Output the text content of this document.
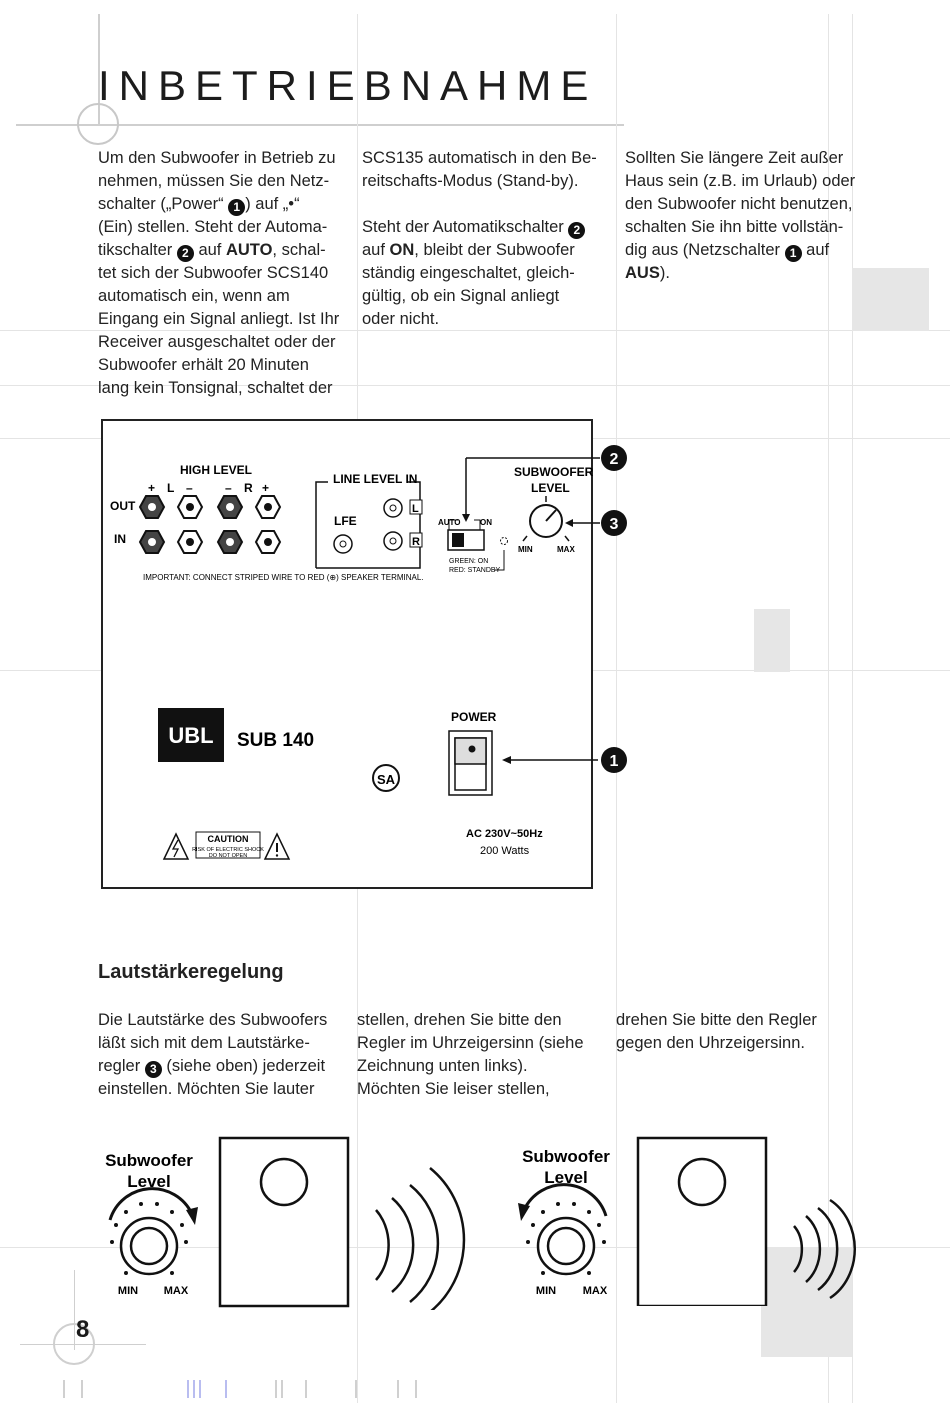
INBETRIEBNAHME

Um den Subwoofer in Betrieb zu

nehmen, müssen Sie den Netz-

schalter („Power“ 1 ) auf „•“

(Ein) stellen. Steht der Automa-

tikschalter 2 auf AUTO, schal-

tet sich der Subwoofer SCS140

automatisch ein, wenn am

Eingang ein Signal anliegt. Ist Ihr

Receiver ausgeschaltet oder der

Subwoofer erhält 20 Minuten

lang kein Tonsignal, schaltet der

SCS135 automatisch in den Be-

reitschafts-Modus (Stand-by).

Steht der Automatikschalter 2

auf ON, bleibt der Subwoofer

ständig eingeschaltet, gleich-

gültig, ob ein Signal anliegt

oder nicht.

Sollten Sie längere Zeit außer

Haus sein (z.B. im Urlaub) oder

den Subwoofer nicht benutzen,

schalten Sie ihn bitte vollstän-

dig aus (Netzschalter 1 auf

AUS).

HIGH LEVEL
+ L –	– R +
OUT
IN
LINE LEVEL IN
LFE
L
R
AUTO ON
GREEN: ON
RED: STANDBY
SUBWOOFER
LEVEL
MIN	MAX
IMPORTANT: CONNECT STRIPED WIRE TO RED (⊕) SPEAKER TERMINAL.
2
3
UBL SUB 140
SA
POWER
1
AC 230V~50Hz
200 Watts
CAUTION
RISK OF ELECTRIC SHOCK
DO NOT OPEN
Lautstärkeregelung

Die Lautstärke des Subwoofers

läßt sich mit dem Lautstärke-

regler 3 (siehe oben) jederzeit

einstellen. Möchten Sie lauter

stellen, drehen Sie bitte den

Regler im Uhrzeigersinn (siehe

Zeichnung unten links).

Möchten Sie leiser stellen,

drehen Sie bitte den Regler

gegen den Uhrzeigersinn.

Subwoofer
Level
MIN MAX
Subwoofer
Level
MIN MAX
8
